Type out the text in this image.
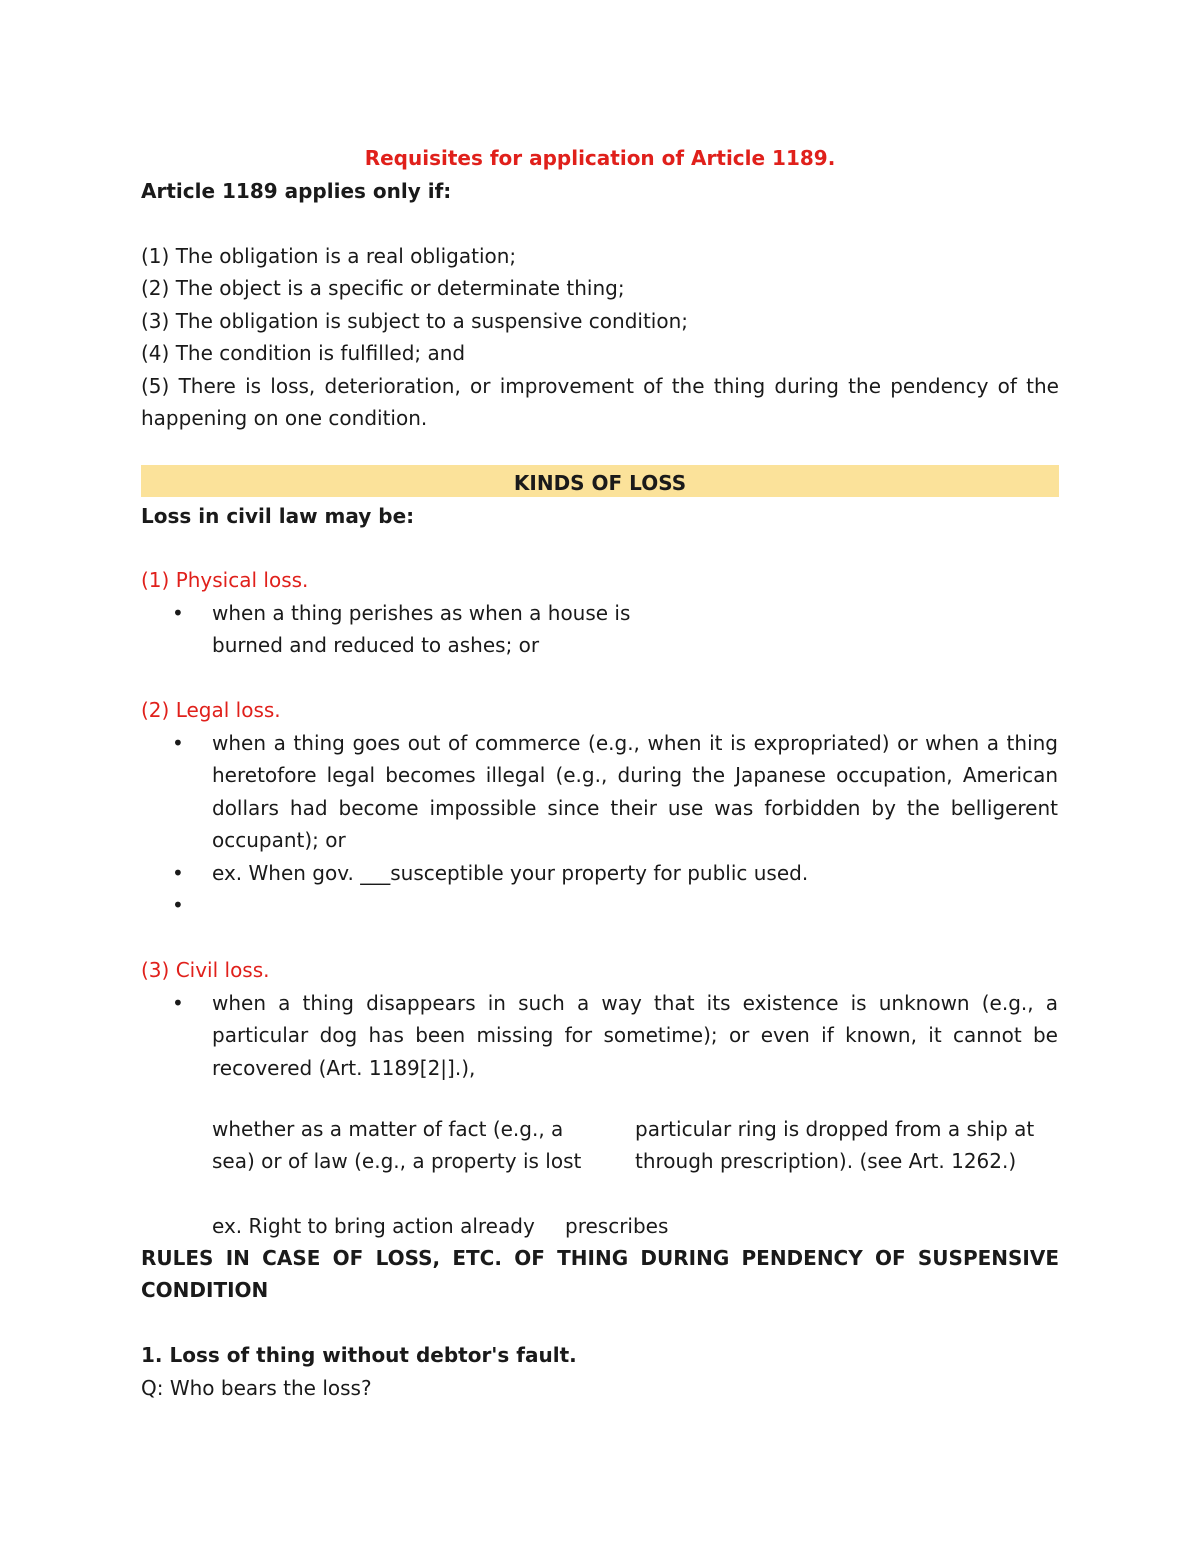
Requisites for application of Article 1189.
Article 1189 applies only if:
(1) The obligation is a real obligation;
(2) The object is a specific or determinate thing;
(3) The obligation is subject to a suspensive condition;
(4) The condition is fulfilled; and
(5) There is loss, deterioration, or improvement of the thing during the pendency of the
happening on one condition.
KINDS OF LOSS
Loss in civil law may be:
(1) Physical loss.
• when a thing perishes as when a house is
burned and reduced to ashes; or
(2) Legal loss.
• when a thing goes out of commerce (e.g., when it is expropriated) or when a thing
heretofore legal becomes illegal (e.g., during the Japanese occupation, American
dollars had become impossible since their use was forbidden by the belligerent
occupant); or
• ex. When gov. ___susceptible your property for public used.
•
(3) Civil loss.
• when a thing disappears in such a way that its existence is unknown (e.g., a
particular dog has been missing for sometime); or even if known, it cannot be
recovered (Art. 1189[2|].),
whether as a matter of fact (e.g., a
sea) or of law (e.g., a property is lost
particular ring is dropped from a ship at
through prescription). (see Art. 1262.)
ex. Right to bring action already prescribes
RULES IN CASE OF LOSS, ETC. OF THING DURING PENDENCY OF SUSPENSIVE
CONDITION
1. Loss of thing without debtor's fault.
Q: Who bears the loss?
